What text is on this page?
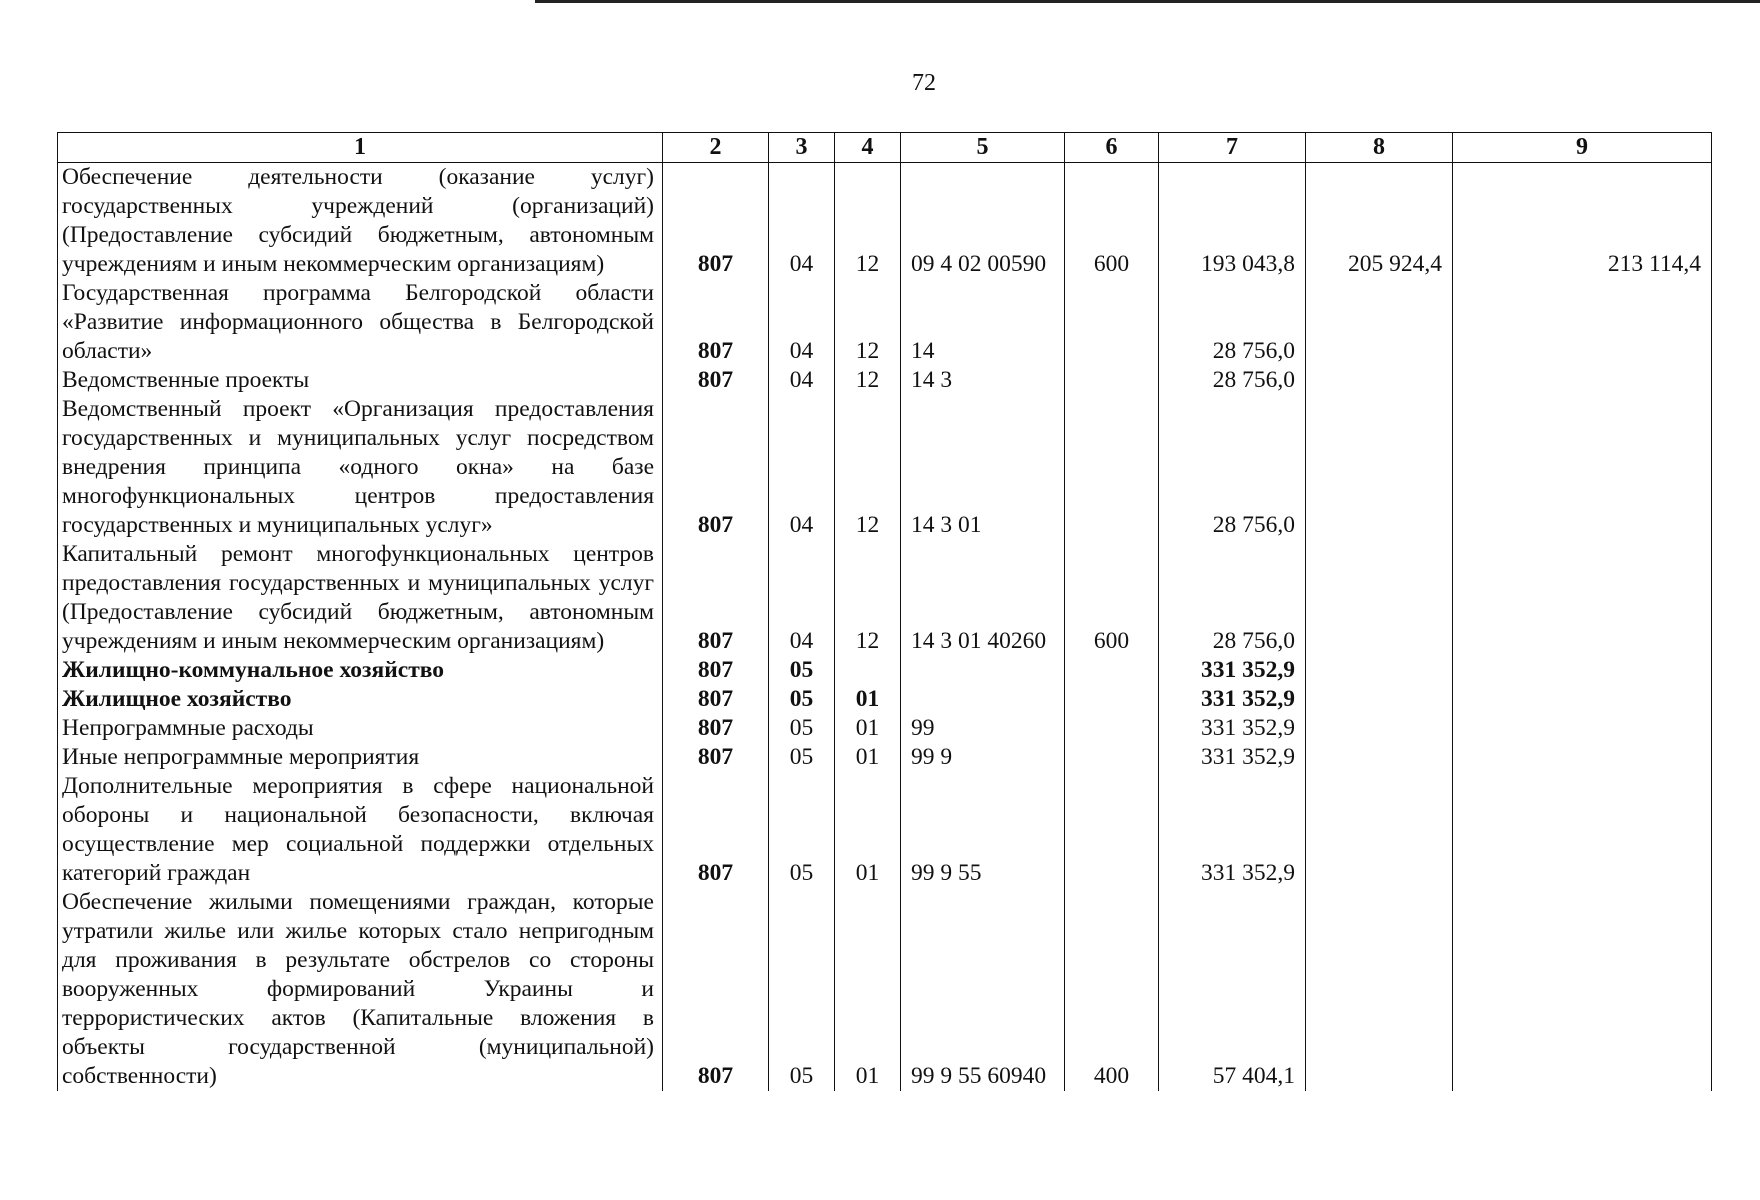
72
1	2	3	4	5	6	7	8	9
Обеспечение деятельности (оказание услуг) государственных учреждений (организаций) (Предоставление субсидий бюджетным, автономным учреждениям и иным некоммерческим организациям)	807	04	12	09 4 02 00590	600	193 043,8	205 924,4	213 114,4
Государственная программа Белгородской области «Развитие информационного общества в Белгородской области»	807	04	12	14		28 756,0		
Ведомственные проекты	807	04	12	14 3		28 756,0		
Ведомственный проект «Организация предоставления государственных и муниципальных услуг посредством внедрения принципа «одного окна» на базе многофункциональных центров предоставления государственных и муниципальных услуг»	807	04	12	14 3 01		28 756,0		
Капитальный ремонт многофункциональных центров предоставления государственных и муниципальных услуг (Предоставление субсидий бюджетным, автономным учреждениям и иным некоммерческим организациям)	807	04	12	14 3 01 40260	600	28 756,0		
Жилищно-коммунальное хозяйство	807	05				331 352,9		
Жилищное хозяйство	807	05	01			331 352,9		
Непрограммные расходы	807	05	01	99		331 352,9		
Иные непрограммные мероприятия	807	05	01	99 9		331 352,9		
Дополнительные мероприятия в сфере национальной обороны и национальной безопасности, включая осуществление мер социальной поддержки отдельных категорий граждан	807	05	01	99 9 55		331 352,9		
Обеспечение жилыми помещениями граждан, которые утратили жилье или жилье которых стало непригодным для проживания в результате обстрелов со стороны вооруженных формирований Украины и террористических актов (Капитальные вложения в объекты государственной (муниципальной) собственности)	807	05	01	99 9 55 60940	400	57 404,1		
